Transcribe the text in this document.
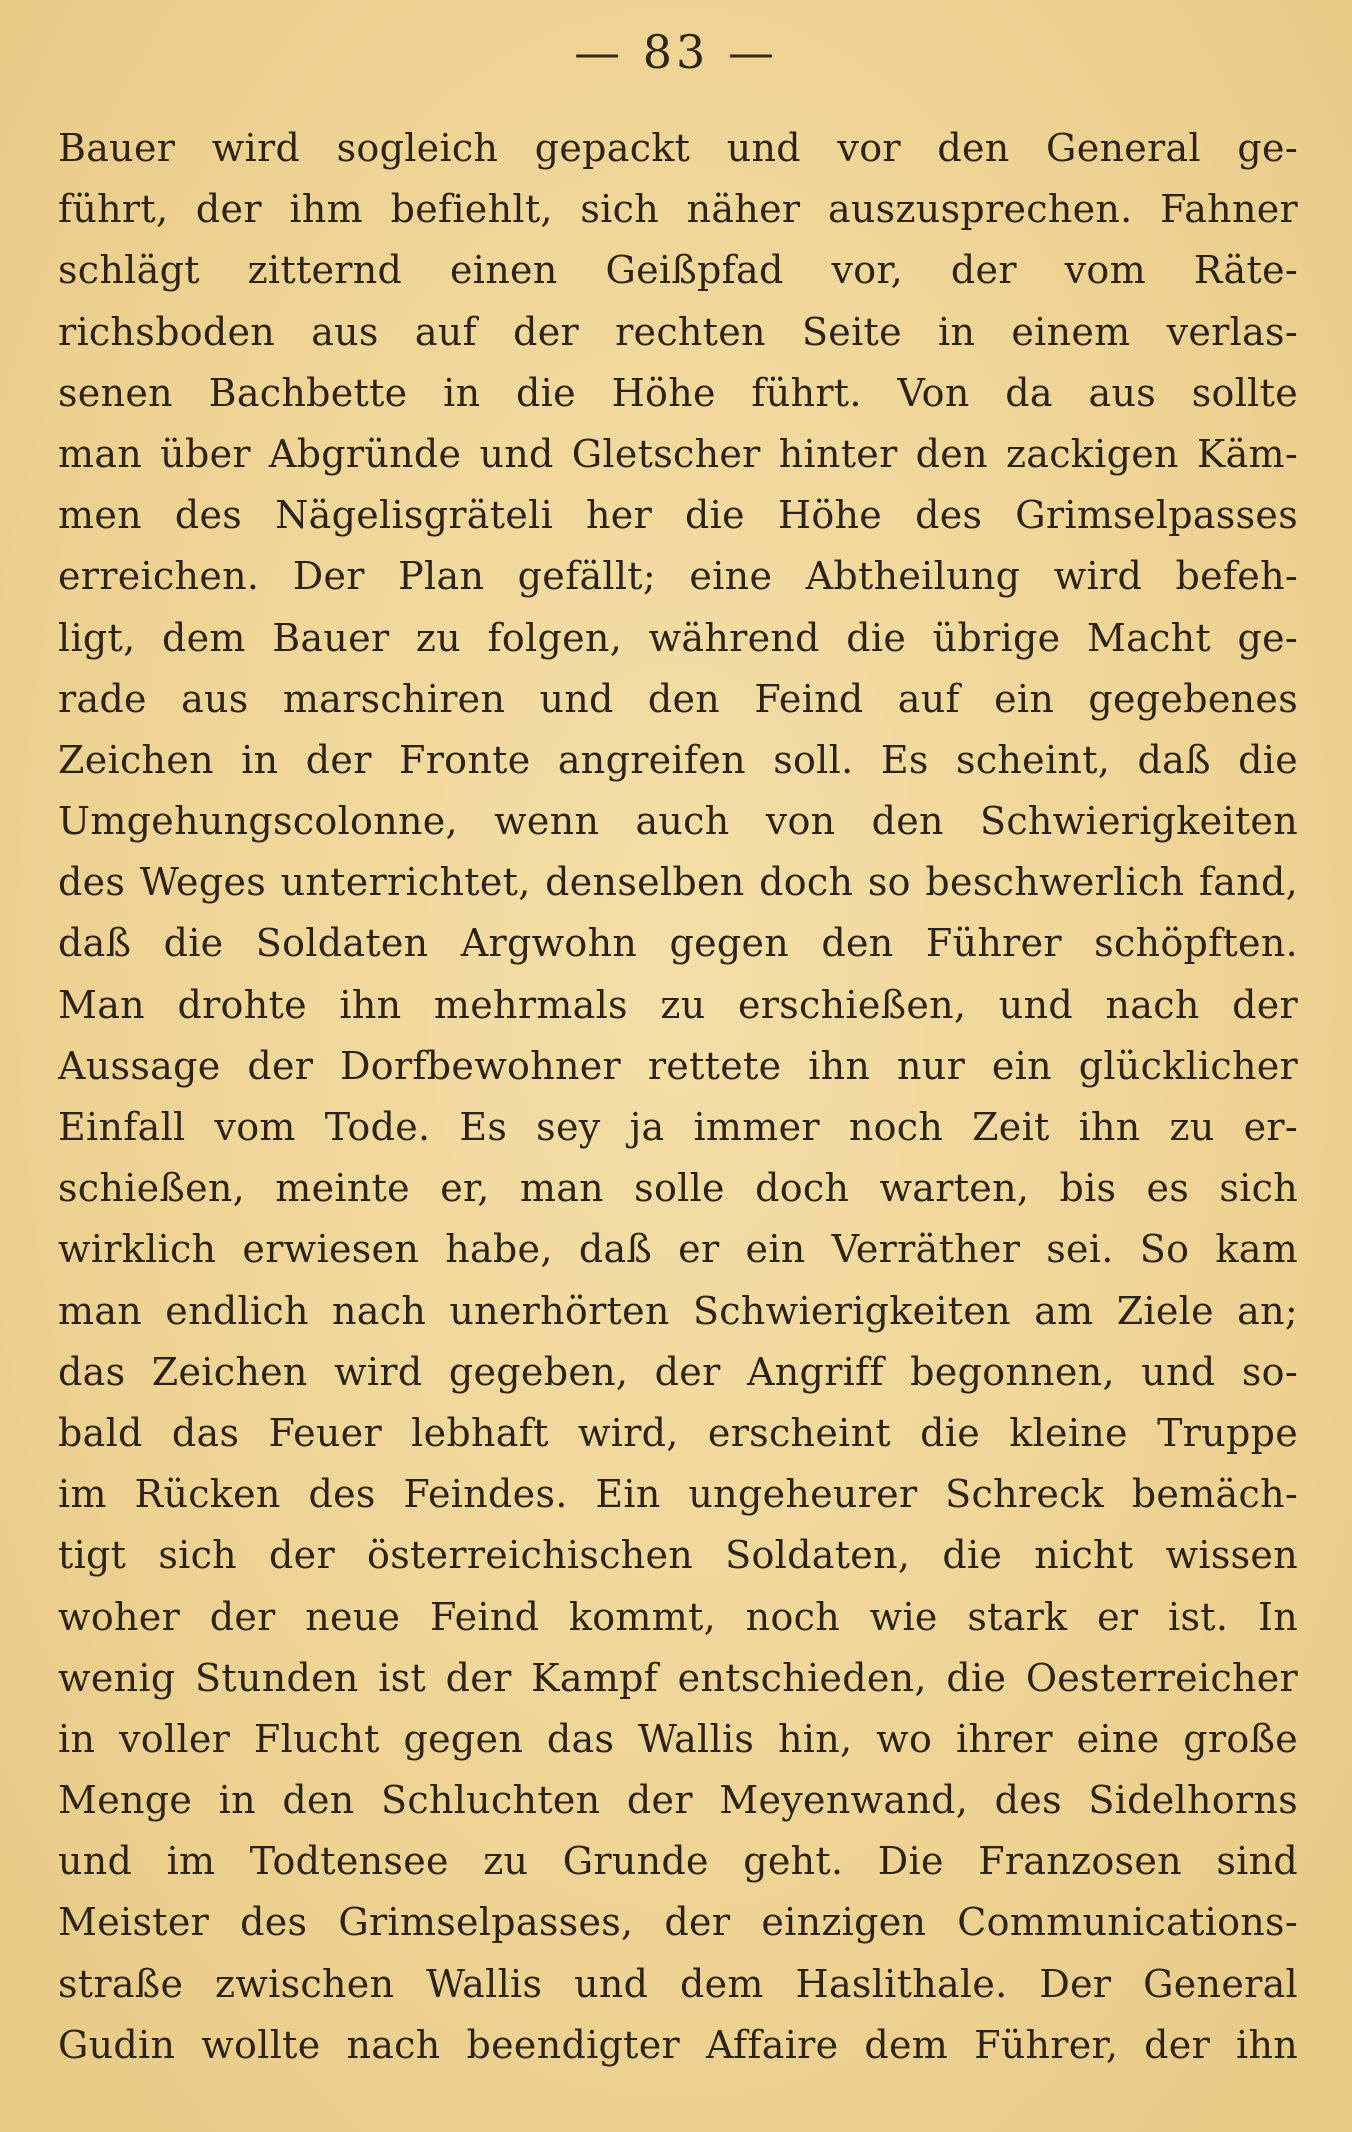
— 83 —
Bauer wird sogleich gepackt und vor den General ge-
führt, der ihm befiehlt, sich näher auszusprechen. Fahner
schlägt zitternd einen Geißpfad vor, der vom Räte-
richsboden aus auf der rechten Seite in einem verlas-
senen Bachbette in die Höhe führt. Von da aus sollte
man über Abgründe und Gletscher hinter den zackigen Käm-
men des Nägelisgräteli her die Höhe des Grimselpasses
erreichen. Der Plan gefällt; eine Abtheilung wird befeh-
ligt, dem Bauer zu folgen, während die übrige Macht ge-
rade aus marschiren und den Feind auf ein gegebenes
Zeichen in der Fronte angreifen soll. Es scheint, daß die
Umgehungscolonne, wenn auch von den Schwierigkeiten
des Weges unterrichtet, denselben doch so beschwerlich fand,
daß die Soldaten Argwohn gegen den Führer schöpften.
Man drohte ihn mehrmals zu erschießen, und nach der
Aussage der Dorfbewohner rettete ihn nur ein glücklicher
Einfall vom Tode. Es sey ja immer noch Zeit ihn zu er-
schießen, meinte er, man solle doch warten, bis es sich
wirklich erwiesen habe, daß er ein Verräther sei. So kam
man endlich nach unerhörten Schwierigkeiten am Ziele an;
das Zeichen wird gegeben, der Angriff begonnen, und so-
bald das Feuer lebhaft wird, erscheint die kleine Truppe
im Rücken des Feindes. Ein ungeheurer Schreck bemäch-
tigt sich der österreichischen Soldaten, die nicht wissen
woher der neue Feind kommt, noch wie stark er ist. In
wenig Stunden ist der Kampf entschieden, die Oesterreicher
in voller Flucht gegen das Wallis hin, wo ihrer eine große
Menge in den Schluchten der Meyenwand, des Sidelhorns
und im Todtensee zu Grunde geht. Die Franzosen sind
Meister des Grimselpasses, der einzigen Communications-
straße zwischen Wallis und dem Haslithale. Der General
Gudin wollte nach beendigter Affaire dem Führer, der ihn
